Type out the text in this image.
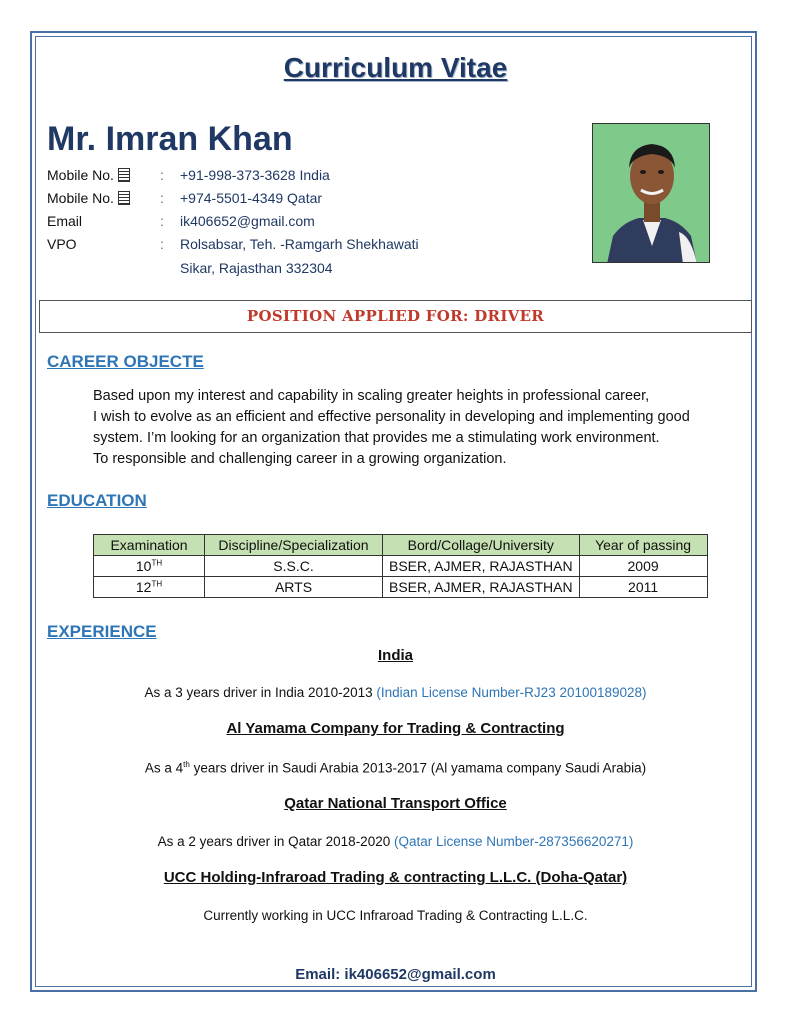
Curriculum Vitae
Mr. Imran Khan
Mobile No.	: +91-998-373-3628 India
Mobile No.	: +974-5501-4349 Qatar
Email	: ik406652@gmail.com
VPO	: Rolsabsar, Teh. -Ramgarh Shekhawati
Sikar, Rajasthan 332304
POSITION APPLIED FOR: DRIVER
CAREER OBJECTE
Based upon my interest and capability in scaling greater heights in professional career,
I wish to evolve as an efficient and effective personality in developing and implementing good
system. I’m looking for an organization that provides me a stimulating work environment.
To responsible and challenging career in a growing organization.
EDUCATION
Examination	Discipline/Specialization	Bord/Collage/University	Year of passing
10TH	S.S.C.	BSER, AJMER, RAJASTHAN	2009
12TH	ARTS	BSER, AJMER, RAJASTHAN	2011
EXPERIENCE
India
As a 3 years driver in India 2010-2013 (Indian License Number-RJ23 20100189028)
Al Yamama Company for Trading & Contracting
As a 4th years driver in Saudi Arabia 2013-2017 (Al yamama company Saudi Arabia)
Qatar National Transport Office
As a 2 years driver in Qatar 2018-2020 (Qatar License Number-287356620271)
UCC Holding-Infraroad Trading & contracting L.L.C. (Doha-Qatar)
Currently working in UCC Infraroad Trading & Contracting L.L.C.
Email: ik406652@gmail.com
